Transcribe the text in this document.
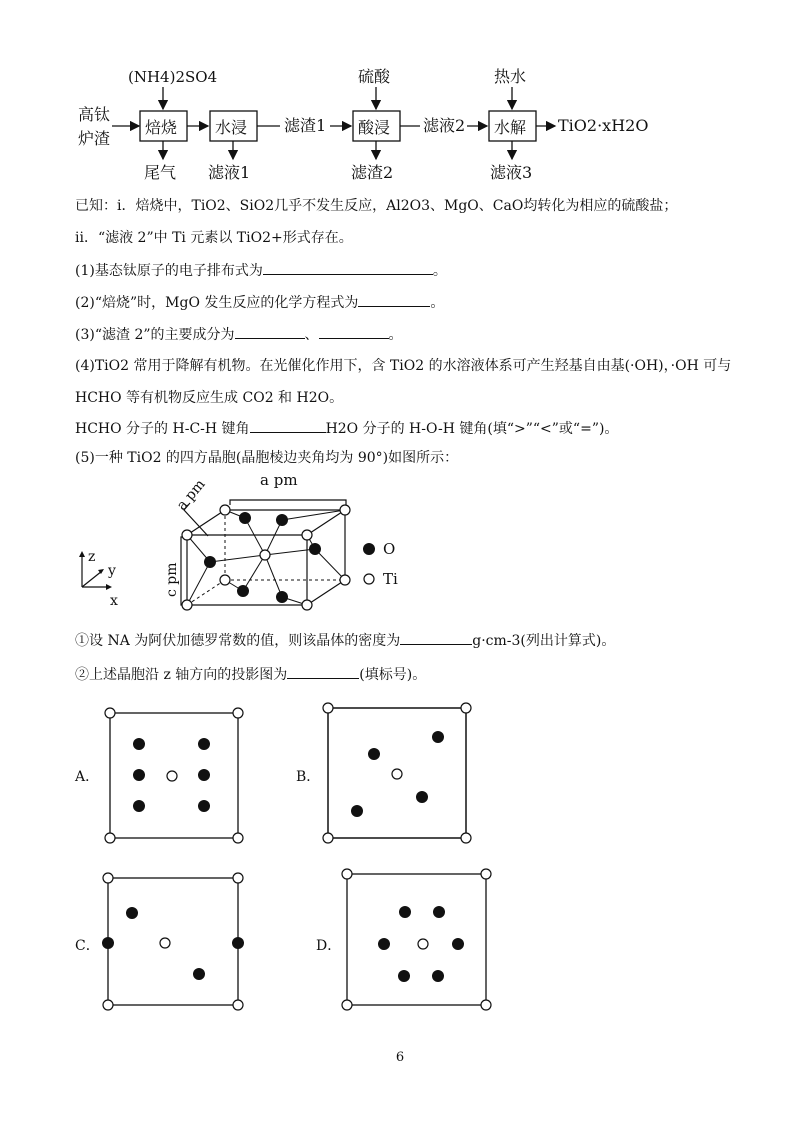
高钛
炉渣
(NH4)2SO4
焙烧
尾气
水浸
滤液1
滤渣1
硫酸
酸浸
滤渣2
滤液2
热水
水解
滤液3
TiO2·xH2O
已知：i．焙烧中，TiO2、SiO2几乎不发生反应，Al2O3、MgO、CaO均转化为相应的硫酸盐；
ii．“滤液 2”中 Ti 元素以 TiO2+形式存在。
(1)基态钛原子的电子排布式为	。
(2)“焙烧”时，MgO 发生反应的化学方程式为	。
(3)“滤渣 2”的主要成分为	、	。
(4)TiO2 常用于降解有机物。在光催化作用下，含 TiO2 的水溶液体系可产生羟基自由基(·OH)，·OH 可与
HCHO 等有机物反应生成 CO2 和 H2O。
HCHO 分子的 H-C-H 键角	H2O 分子的 H-O-H 键角(填“>”“<”或“=”)。
(5)一种 TiO2 的四方晶胞(晶胞棱边夹角均为 90°)如图所示：
z
y
x
c pm
a pm	a pm
O
Ti
①设 NA 为阿伏加德罗常数的值，则该晶体的密度为	g·cm-3(列出计算式)。
②上述晶胞沿 z 轴方向的投影图为	(填标号)。
A．	B．
C．	D．
6
